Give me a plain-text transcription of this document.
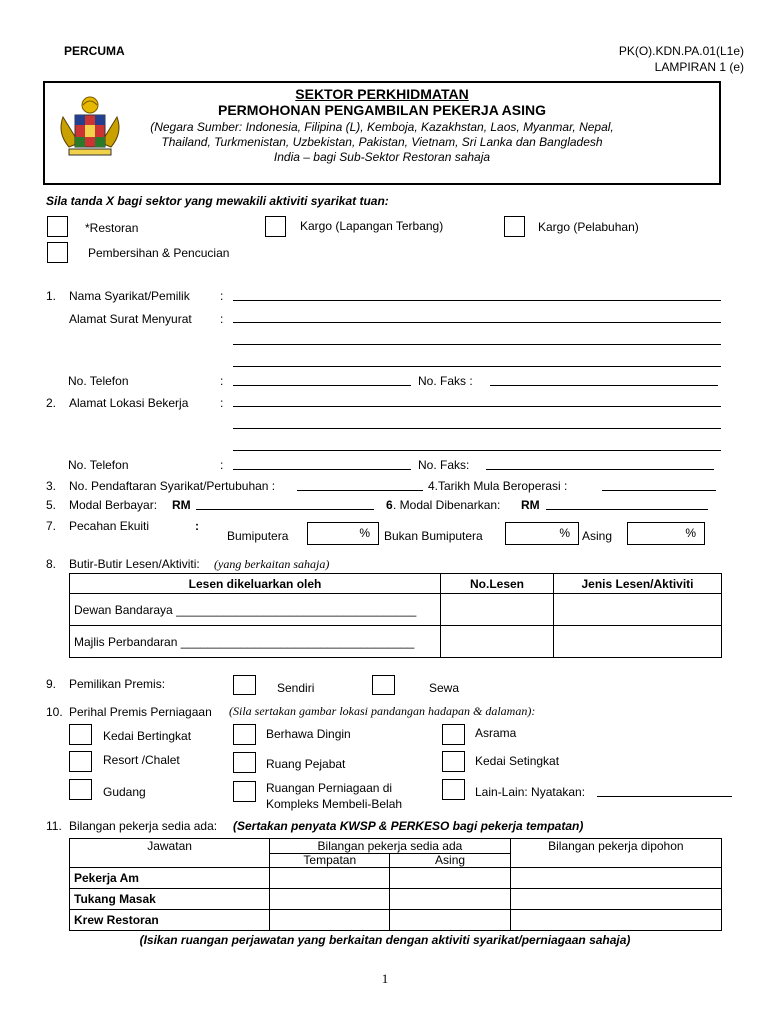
PERCUMA	PK(O).KDN.PA.01(L1e)
LAMPIRAN 1 (e)
SEKTOR PERKHIDMATAN
PERMOHONAN PENGAMBILAN PEKERJA ASING
(Negara Sumber: Indonesia, Filipina (L), Kemboja, Kazakhstan, Laos, Myanmar, Nepal,
Thailand, Turkmenistan, Uzbekistan, Pakistan, Vietnam, Sri Lanka dan Bangladesh
India – bagi Sub-Sektor Restoran sahaja
Sila tanda X bagi sektor yang mewakili aktiviti syarikat tuan:
*Restoran	Kargo (Lapangan Terbang)	Kargo (Pelabuhan)
Pembersihan & Pencucian
1. Nama Syarikat/Pemilik	:
Alamat Surat Menyurat :
No. Telefon	:	No. Faks :
2. Alamat Lokasi Bekerja	:
No. Telefon	:	No. Faks:
3. No. Pendaftaran Syarikat/Pertubuhan :	4.Tarikh Mula Beroperasi :
5. Modal Berbayar: RM	6 . Modal Dibenarkan: RM
7. Pecahan Ekuiti	:
Bumiputera	% Bukan Bumiputera	% Asing	%
8. Butir-Butir Lesen/Aktiviti: (yang berkaitan sahaja)
Lesen dikeluarkan oleh	No.Lesen	Jenis Lesen/Aktiviti
Dewan Bandaraya ____________________________________		
Majlis Perbandaran ___________________________________		
9. Pemilikan Premis:	Sendiri	Sewa
10. Perihal Premis Perniagaan (Sila sertakan gambar lokasi pandangan hadapan & dalaman):
Kedai Bertingkat	Berhawa Dingin	Asrama
Resort /Chalet	Ruang Pejabat	Kedai Setingkat
Gudang	Ruangan Perniagaan di
Kompleks Membeli-Belah
Lain-Lain: Nyatakan:
11. Bilangan pekerja sedia ada: (Sertakan penyata KWSP & PERKESO bagi pekerja tempatan)
Jawatan	Bilangan pekerja sedia ada		Bilangan pekerja dipohon
	Tempatan	Asing	
Pekerja Am			
Tukang Masak			
Krew Restoran			
(Isikan ruangan perjawatan yang berkaitan dengan aktiviti syarikat/perniagaan sahaja)
1
